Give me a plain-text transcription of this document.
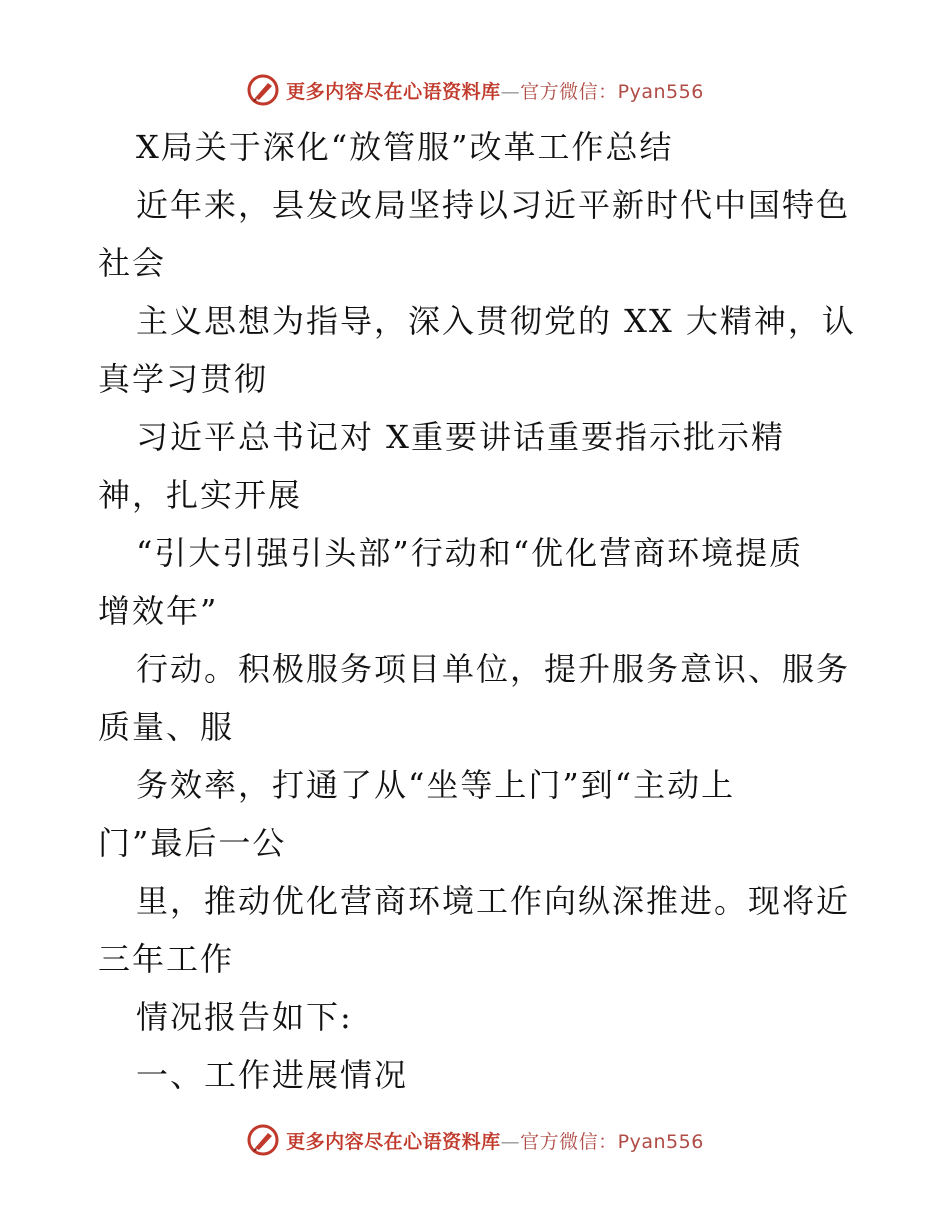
更多内容尽在心语资料库—官方微信：Pyan556
X局关于深化“放管服”改革工作总结
近年来，县发改局坚持以习近平新时代中国特色
社会
主义思想为指导，深入贯彻党的 XX 大精神，认
真学习贯彻
习近平总书记对 X重要讲话重要指示批示精
神，扎实开展
“引大引强引头部”行动和“优化营商环境提质
增效年”
行动。积极服务项目单位，提升服务意识、服务
质量、服
务效率，打通了从“坐等上门”到“主动上
门”最后一公
里，推动优化营商环境工作向纵深推进。现将近
三年工作
情况报告如下:
一、工作进展情况
更多内容尽在心语资料库—官方微信：Pyan556
